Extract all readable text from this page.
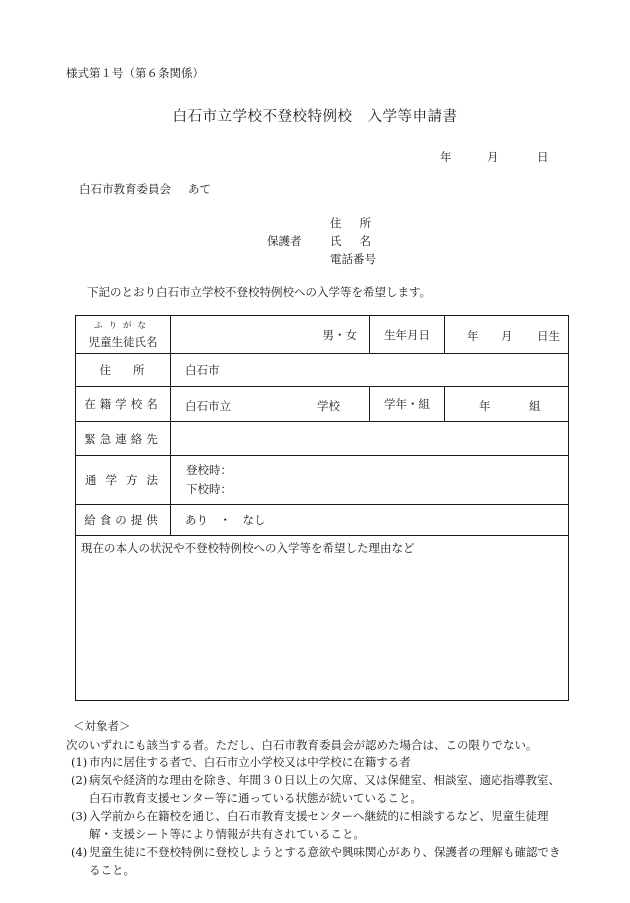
様式第１号（第６条関係）
白石市立学校不登校特例校　入学等申請書
年	月	日
白石市教育委員会 あて
保護者
住所
氏名
電話番号
下記のとおり白石市立学校不登校特例校への入学等を希望します。
ふりがな
児童生徒氏名	男・女	生年月日	年 月 日生

住所	白石市		
在籍学校名	白石市立 学校	学年・組	年 組

緊急連絡先			
通学方法	登校時：
下校時：		

給食の提供	あり　・　なし		
現在の本人の状況や不登校特例校への入学等を希望した理由など			
＜対象者＞
次のいずれにも該当する者。ただし、白石市教育委員会が認めた場合は、この限りでない。
(1) 市内に居住する者で、白石市立小学校又は中学校に在籍する者
(2) 病気や経済的な理由を除き、年間３０日以上の欠席、又は保健室、相談室、適応指導教室、白石市教育支援センター等に通っている状態が続いていること。
(3) 入学前から在籍校を通じ、白石市教育支援センターへ継続的に相談するなど、児童生徒理解・支援シート等により情報が共有されていること。
(4) 児童生徒に不登校特例に登校しようとする意欲や興味関心があり、保護者の理解も確認できること。
